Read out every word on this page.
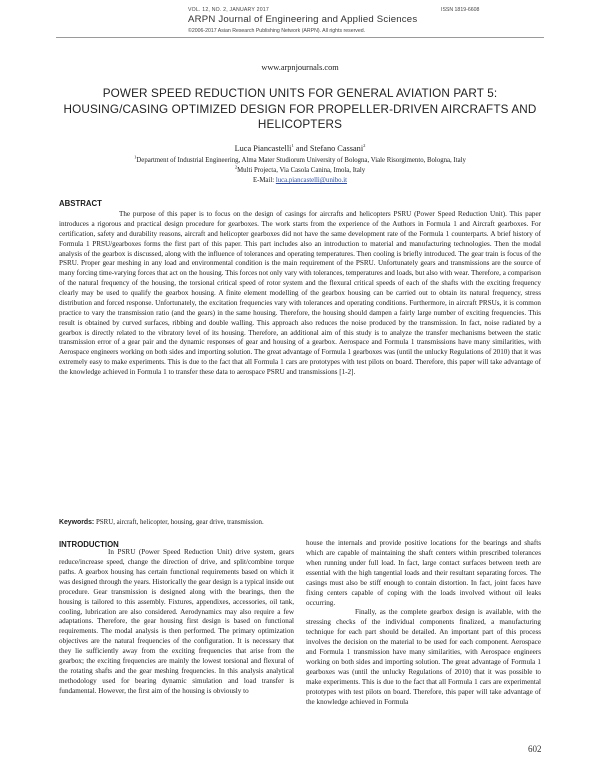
VOL. 12, NO. 2, JANUARY 2017	ISSN 1819-6608
ARPN Journal of Engineering and Applied Sciences
©2006-2017 Asian Research Publishing Network (ARPN). All rights reserved.
www.arpnjournals.com
POWER SPEED REDUCTION UNITS FOR GENERAL AVIATION PART 5: HOUSING/CASING OPTIMIZED DESIGN FOR PROPELLER-DRIVEN AIRCRAFTS AND HELICOPTERS
Luca Piancastelli$^1$ and Stefano Cassani$^2$
$^1$Department of Industrial Engineering, Alma Mater Studiorum University of Bologna, Viale Risorgimento, Bologna, Italy
$^2$Multi Projecta, Via Casola Canina, Imola, Italy
E-Mail: luca.piancastelli@unibo.it
ABSTRACT

The purpose of this paper is to focus on the design of casings for aircrafts and helicopters PSRU (Power Speed Reduction Unit). This paper introduces a rigorous and practical design procedure for gearboxes. The work starts from the experience of the Authors in Formula 1 and Aircraft gearboxes. For certification, safety and durability reasons, aircraft and helicopter gearboxes did not have the same development rate of the Formula 1 counterparts. A brief history of Formula 1 PRSU/gearboxes forms the first part of this paper. This part includes also an introduction to material and manufacturing technologies. Then the modal analysis of the gearbox is discussed, along with the influence of tolerances and operating temperatures. Then cooling is briefly introduced. The gear train is focus of the PSRU. Proper gear meshing in any load and environmental condition is the main requirement of the PSRU. Unfortunately gears and transmissions are the source of many forcing time-varying forces that act on the housing. This forces not only vary with tolerances, temperatures and loads, but also with wear. Therefore, a comparison of the natural frequency of the housing, the torsional critical speed of rotor system and the flexural critical speeds of each of the shafts with the exciting frequency clearly may be used to qualify the gearbox housing. A finite element modelling of the gearbox housing can be carried out to obtain its natural frequency, stress distribution and forced response. Unfortunately, the excitation frequencies vary with tolerances and operating conditions. Furthermore, in aircraft PRSUs, it is common practice to vary the transmission ratio (and the gears) in the same housing. Therefore, the housing should dampen a fairly large number of exciting frequencies. This result is obtained by curved surfaces, ribbing and double walling. This approach also reduces the noise produced by the transmission. In fact, noise radiated by a gearbox is directly related to the vibratory level of its housing. Therefore, an additional aim of this study is to analyze the transfer mechanisms between the static transmission error of a gear pair and the dynamic responses of gear and housing of a gearbox. Aerospace and Formula 1 transmissions have many similarities, with Aerospace engineers working on both sides and importing solution. The great advantage of Formula 1 gearboxes was (until the unlucky Regulations of 2010) that it was extremely easy to make experiments. This is due to the fact that all Formula 1 cars are prototypes with test pilots on board. Therefore, this paper will take advantage of the knowledge achieved in Formula 1 to transfer these data to aerospace PSRU and transmissions [1-2].

Keywords: PSRU, aircraft, helicopter, housing, gear drive, transmission.
INTRODUCTION

In PSRU (Power Speed Reduction Unit) drive system, gears reduce/increase speed, change the direction of drive, and split/combine torque paths. A gearbox housing has certain functional requirements based on which it was designed through the years. Historically the gear design is a typical inside out procedure. Gear transmission is designed along with the bearings, then the housing is tailored to this assembly. Fixtures, appendixes, accessories, oil tank, cooling, lubrication are also considered. Aerodynamics may also require a few adaptations. Therefore, the gear housing first design is based on functional requirements. The modal analysis is then performed. The primary optimization objectives are the natural frequencies of the configuration. It is necessary that they lie sufficiently away from the exciting frequencies that arise from the gearbox; the exciting frequencies are mainly the lowest torsional and flexural of the rotating shafts and the gear meshing frequencies. In this analysis analytical methodology used for bearing dynamic simulation and load transfer is fundamental. However, the first aim of the housing is obviously to

house the internals and provide positive locations for the bearings and shafts which are capable of maintaining the shaft centers within prescribed tolerances when running under full load. In fact, large contact surfaces between teeth are essential with the high tangential loads and their resultant separating forces. The casings must also be stiff enough to contain distortion. In fact, joint faces have fixing centers capable of coping with the loads involved without oil leaks occurring.

Finally, as the complete gearbox design is available, with the stressing checks of the individual components finalized, a manufacturing technique for each part should be detailed. An important part of this process involves the decision on the material to be used for each component. Aerospace and Formula 1 transmission have many similarities, with Aerospace engineers working on both sides and importing solution. The great advantage of Formula 1 gearboxes was (until the unlucky Regulations of 2010) that it was possible to make experiments. This is due to the fact that all Formula 1 cars are experimental prototypes with test pilots on board. Therefore, this paper will take advantage of the knowledge achieved in Formula

602
